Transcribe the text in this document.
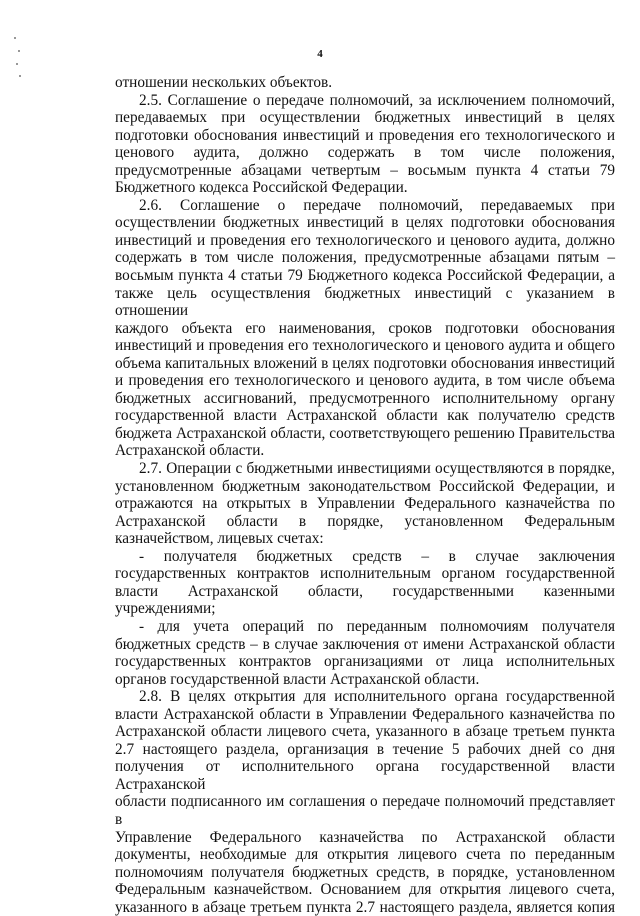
4

отношении нескольких объектов.

2.5. Соглашение о передаче полномочий, за исключением полномочий,

передаваемых при осуществлении бюджетных инвестиций в целях

подготовки обоснования инвестиций и проведения его технологического и

ценового аудита, должно содержать в том числе положения,

предусмотренные абзацами четвертым – восьмым пункта 4 статьи 79

Бюджетного кодекса Российской Федерации.

2.6. Соглашение о передаче полномочий, передаваемых при

осуществлении бюджетных инвестиций в целях подготовки обоснования

инвестиций и проведения его технологического и ценового аудита, должно

содержать в том числе положения, предусмотренные абзацами пятым –

восьмым пункта 4 статьи 79 Бюджетного кодекса Российской Федерации, а

также цель осуществления бюджетных инвестиций с указанием в отношении

каждого объекта его наименования, сроков подготовки обоснования

инвестиций и проведения его технологического и ценового аудита и общего

объема капитальных вложений в целях подготовки обоснования инвестиций

и проведения его технологического и ценового аудита, в том числе объема

бюджетных ассигнований, предусмотренного исполнительному органу

государственной власти Астраханской области как получателю средств

бюджета Астраханской области, соответствующего решению Правительства

Астраханской области.

2.7. Операции с бюджетными инвестициями осуществляются в порядке,

установленном бюджетным законодательством Российской Федерации, и

отражаются на открытых в Управлении Федерального казначейства по

Астраханской области в порядке, установленном Федеральным

казначейством, лицевых счетах:

- получателя бюджетных средств – в случае заключения

государственных контрактов исполнительным органом государственной

власти Астраханской области, государственными казенными учреждениями;

- для учета операций по переданным полномочиям получателя

бюджетных средств – в случае заключения от имени Астраханской области

государственных контрактов организациями от лица исполнительных

органов государственной власти Астраханской области.

2.8. В целях открытия для исполнительного органа государственной

власти Астраханской области в Управлении Федерального казначейства по

Астраханской области лицевого счета, указанного в абзаце третьем пункта

2.7 настоящего раздела, организация в течение 5 рабочих дней со дня

получения от исполнительного органа государственной власти Астраханской

области подписанного им соглашения о передаче полномочий представляет в

Управление Федерального казначейства по Астраханской области

документы, необходимые для открытия лицевого счета по переданным

полномочиям получателя бюджетных средств, в порядке, установленном

Федеральным казначейством. Основанием для открытия лицевого счета,

указанного в абзаце третьем пункта 2.7 настоящего раздела, является копия
